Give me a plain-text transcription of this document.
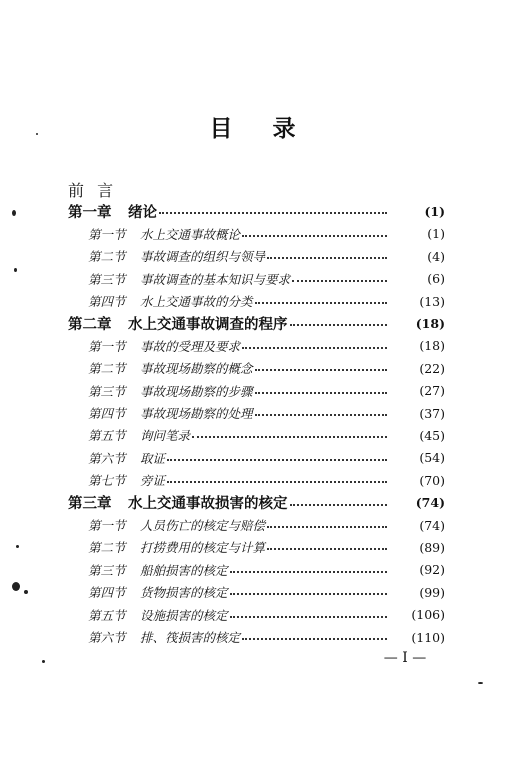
目 录
前 言
第一章	绪论	(1)
第一节	水上交通事故概论	(1)
第二节	事故调查的组织与领导	(4)
第三节	事故调查的基本知识与要求	(6)
第四节	水上交通事故的分类	(13)
第二章	水上交通事故调查的程序	(18)
第一节	事故的受理及要求	(18)
第二节	事故现场勘察的概念	(22)
第三节	事故现场勘察的步骤	(27)
第四节	事故现场勘察的处理	(37)
第五节	询问笔录	(45)
第六节	取证	(54)
第七节	旁证	(70)
第三章	水上交通事故损害的核定	(74)
第一节	人员伤亡的核定与赔偿	(74)
第二节	打捞费用的核定与计算	(89)
第三节	船舶损害的核定	(92)
第四节	货物损害的核定	(99)
第五节	设施损害的核定	(106)
第六节	排、筏损害的核定	(110)
— I —
